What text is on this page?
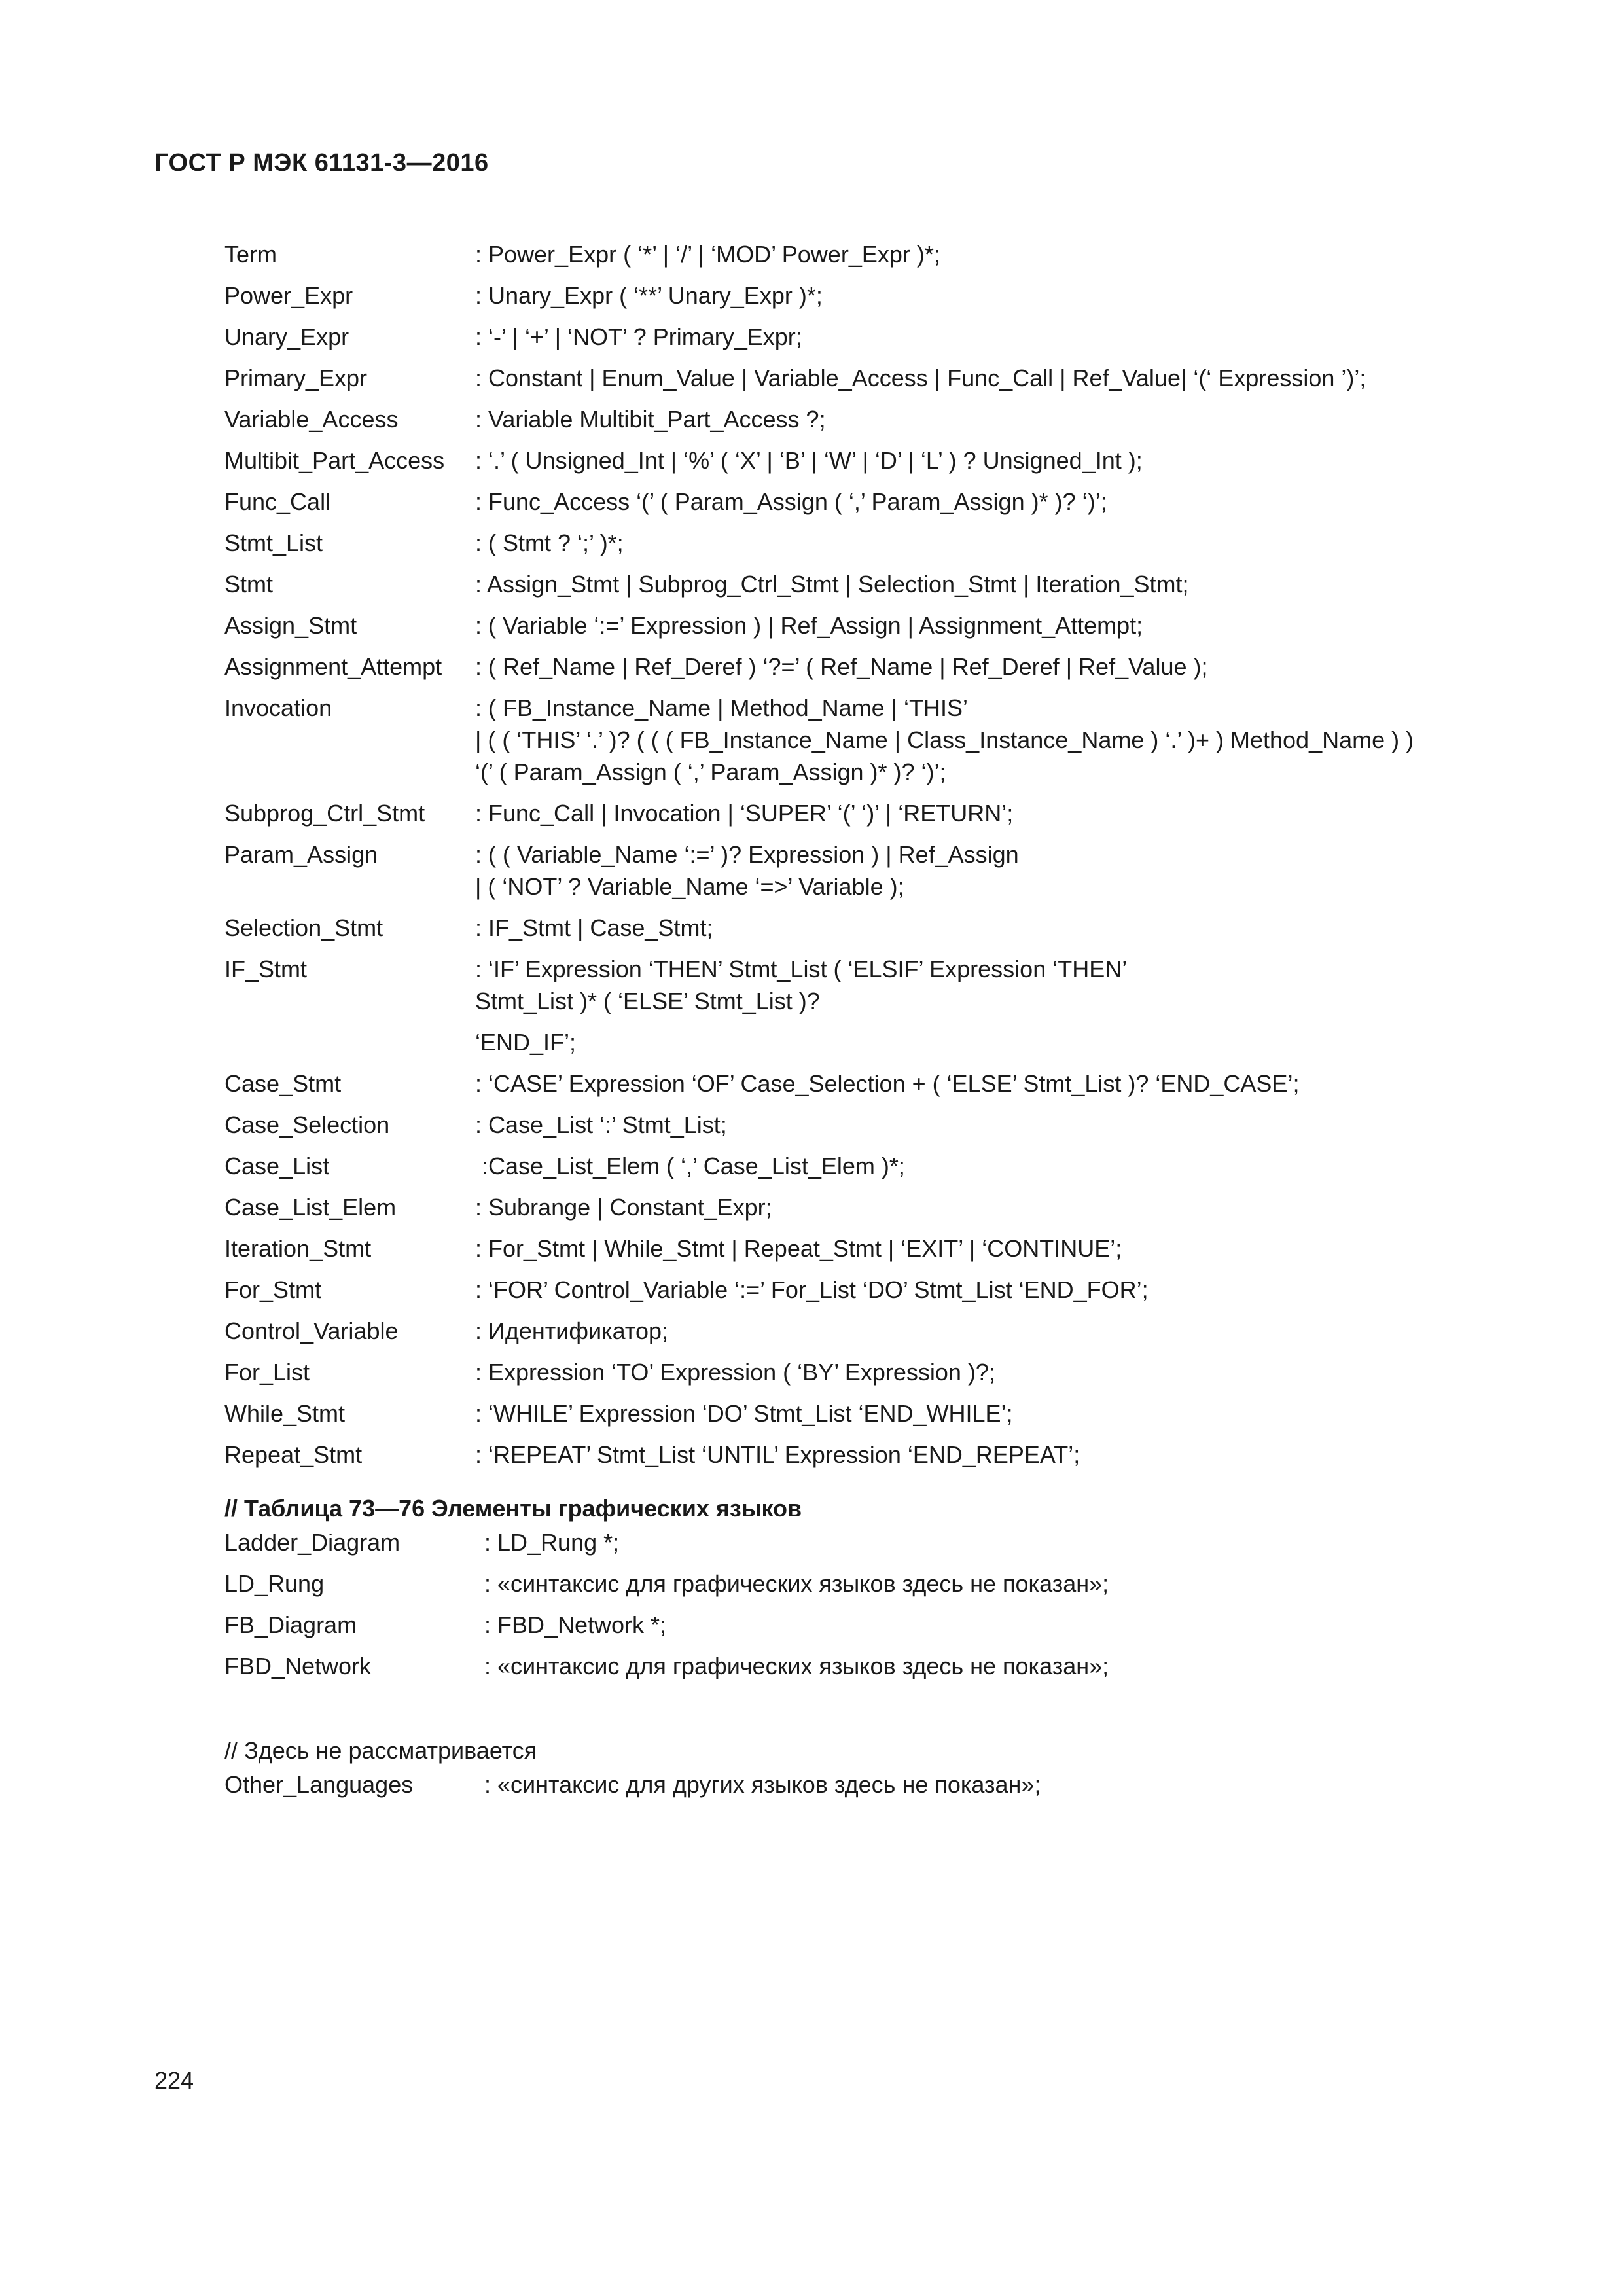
ГОСТ Р МЭК 61131-3—2016
Term	: Power_Expr ( ‘*’ | ‘/’ | ‘MOD’ Power_Expr )*;
Power_Expr	: Unary_Expr ( ‘**’ Unary_Expr )*;
Unary_Expr	: ‘-’ | ‘+’ | ‘NOT’ ? Primary_Expr;
Primary_Expr	: Constant | Enum_Value | Variable_Access | Func_Call | Ref_Value| ‘(‘ Expression ’)’;
Variable_Access	: Variable Multibit_Part_Access ?;
Multibit_Part_Access	: ‘.’ ( Unsigned_Int | ‘%’ ( ‘X’ | ‘B’ | ‘W’ | ‘D’ | ‘L’ ) ? Unsigned_Int );
Func_Call	: Func_Access ‘(’ ( Param_Assign ( ‘,’ Param_Assign )* )? ‘)’;
Stmt_List	: ( Stmt ? ‘;’ )*;
Stmt	: Assign_Stmt | Subprog_Ctrl_Stmt | Selection_Stmt | Iteration_Stmt;
Assign_Stmt	: ( Variable ‘:=’ Expression ) | Ref_Assign | Assignment_Attempt;
Assignment_Attempt	: ( Ref_Name | Ref_Deref ) ‘?=’ ( Ref_Name | Ref_Deref | Ref_Value );
Invocation	: ( FB_Instance_Name | Method_Name | ‘THIS’
| ( ( ‘THIS’ ‘.’ )? ( ( ( FB_Instance_Name | Class_Instance_Name ) ‘.’ )+ ) Method_Name ) )
‘(’ ( Param_Assign ( ‘,’ Param_Assign )* )? ‘)’;
Subprog_Ctrl_Stmt	: Func_Call | Invocation | ‘SUPER’ ‘(’ ‘)’ | ‘RETURN’;
Param_Assign	: ( ( Variable_Name ‘:=’ )? Expression ) | Ref_Assign
| ( ‘NOT’ ? Variable_Name ‘=>’ Variable );
Selection_Stmt	: IF_Stmt | Case_Stmt;
IF_Stmt	: ‘IF’ Expression ‘THEN’ Stmt_List ( ‘ELSIF’ Expression ‘THEN’
Stmt_List )* ( ‘ELSE’ Stmt_List )?
‘END_IF’;
Case_Stmt	: ‘CASE’ Expression ‘OF’ Case_Selection + ( ‘ELSE’ Stmt_List )? ‘END_CASE’;
Case_Selection	: Case_List ‘:’ Stmt_List;
Case_List	:Case_List_Elem ( ‘,’ Case_List_Elem )*;
Case_List_Elem	: Subrange | Constant_Expr;
Iteration_Stmt	: For_Stmt | While_Stmt | Repeat_Stmt | ‘EXIT’ | ‘CONTINUE’;
For_Stmt	: ‘FOR’ Control_Variable ‘:=’ For_List ‘DO’ Stmt_List ‘END_FOR’;
Control_Variable	: Идентификатор;
For_List	: Expression ‘TO’ Expression ( ‘BY’ Expression )?;
While_Stmt	: ‘WHILE’ Expression ‘DO’ Stmt_List ‘END_WHILE’;
Repeat_Stmt	: ‘REPEAT’ Stmt_List ‘UNTIL’ Expression ‘END_REPEAT’;
// Таблица 73—76 Элементы графических языков
Ladder_Diagram	: LD_Rung *;
LD_Rung	: «синтаксис для графических языков здесь не показан»;
FB_Diagram	: FBD_Network *;
FBD_Network	: «синтаксис для графических языков здесь не показан»;
// Здесь не рассматривается
Other_Languages	: «синтаксис для других языков здесь не показан»;
224
